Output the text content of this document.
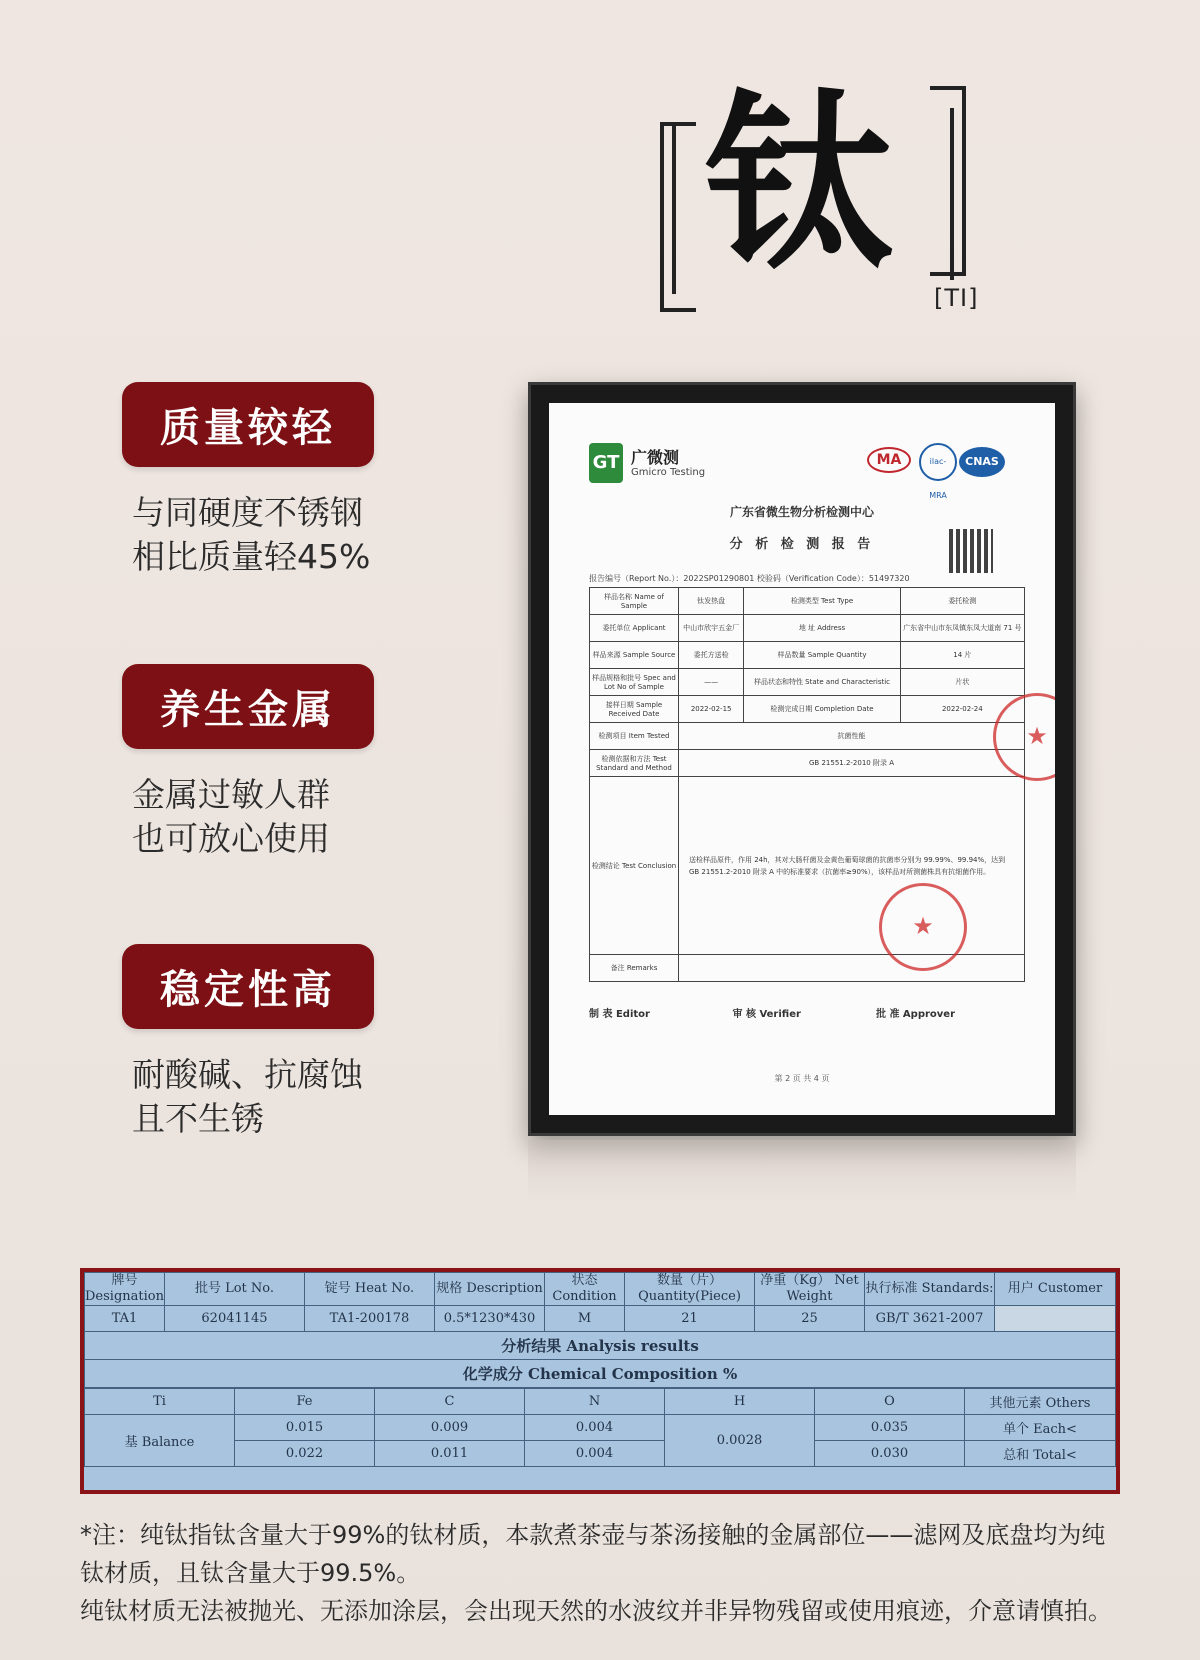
钛
[TI]
质量较轻
与同硬度不锈钢
相比质量轻45%
养生金属
金属过敏人群
也可放心使用
稳定性高
耐酸碱、抗腐蚀
且不生锈
GT 广微测
Gmicro Testing
MA	ilac-MRA
CNAS
广东省微生物分析检测中心
分 析 检 测 报 告
报告编号（Report No.）：2022SP01290801 校验码（Verification Code）：51497320
样品名称 Name of Sample	钛发热盘	检测类型 Test Type	委托检测
委托单位 Applicant	中山市欣宇五金厂	地 址 Address	广东省中山市东凤镇东凤大道南 71 号
样品来源 Sample Source	委托方送检	样品数量 Sample Quantity	14 片
样品规格和批号 Spec and Lot No of Sample	——	样品状态和特性 State and Characteristic	片状
接样日期 Sample Received Date	2022-02-15	检测完成日期 Completion Date	2022-02-24
检测项目 Item Tested	抗菌性能		
检测依据和方法 Test Standard and Method	GB 21551.2-2010 附录 A		
检测结论 Test Conclusion	送检样品原件，作用 24h，其对大肠杆菌及金黄色葡萄球菌的抗菌率分别为 99.99%、99.94%，达到 GB 21551.2-2010 附录 A 中的标准要求（抗菌率≥90%），该样品对所测菌株具有抗细菌作用。		
备注 Remarks			
★
★
制 表 Editor	审 核 Verifier	批 准 Approver
第 2 页 共 4 页
牌号 Designation	批号 Lot No.	锭号 Heat No.	规格 Description	状态 Condition	数量（片） Quantity(Piece)	净重（Kg） Net Weight	执行标准 Standards:	用户 Customer
TA1	62041145	TA1-200178	0.5*1230*430	M	21	25	GB/T 3621-2007	
分析结果 Analysis results								
化学成分 Chemical Composition %								
Ti	Fe	C	N	H	O	其他元素 Others
基 Balance	0.015	0.009	0.004	0.0028	0.035	单个 Each<
	0.022	0.011	0.004		0.030	总和 Total<

*注：纯钛指钛含量大于99%的钛材质，本款煮茶壶与茶汤接触的金属部位——滤网及底盘均为纯钛材质，且钛含量大于99.5%。

纯钛材质无法被抛光、无添加涂层，会出现天然的水波纹并非异物残留或使用痕迹，介意请慎拍。
